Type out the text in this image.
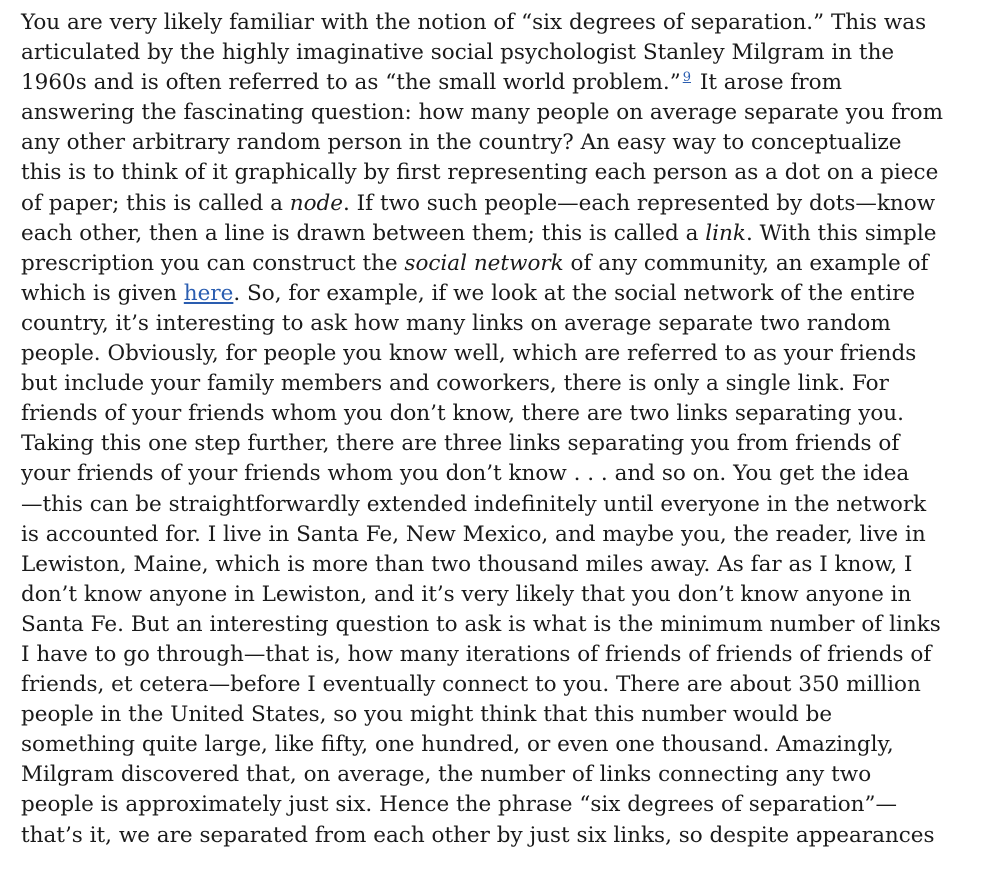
You are very likely familiar with the notion of “six degrees of separation.” This was
articulated by the highly imaginative social psychologist Stanley Milgram in the
1960s and is often referred to as “the small world problem.” $^9$ It arose from
answering the fascinating question: how many people on average separate you from
any other arbitrary random person in the country? An easy way to conceptualize
this is to think of it graphically by first representing each person as a dot on a piece
of paper; this is called a node. If two such people—each represented by dots—know
each other, then a line is drawn between them; this is called a link. With this simple
prescription you can construct the social network of any community, an example of
which is given here. So, for example, if we look at the social network of the entire
country, it’s interesting to ask how many links on average separate two random
people. Obviously, for people you know well, which are referred to as your friends
but include your family members and coworkers, there is only a single link. For
friends of your friends whom you don’t know, there are two links separating you.
Taking this one step further, there are three links separating you from friends of
your friends of your friends whom you don’t know . . . and so on. You get the idea
—this can be straightforwardly extended indefinitely until everyone in the network
is accounted for. I live in Santa Fe, New Mexico, and maybe you, the reader, live in
Lewiston, Maine, which is more than two thousand miles away. As far as I know, I
don’t know anyone in Lewiston, and it’s very likely that you don’t know anyone in
Santa Fe. But an interesting question to ask is what is the minimum number of links
I have to go through—that is, how many iterations of friends of friends of friends of
friends, et cetera—before I eventually connect to you. There are about 350 million
people in the United States, so you might think that this number would be
something quite large, like fifty, one hundred, or even one thousand. Amazingly,
Milgram discovered that, on average, the number of links connecting any two
people is approximately just six. Hence the phrase “six degrees of separation”—
that’s it, we are separated from each other by just six links, so despite appearances
